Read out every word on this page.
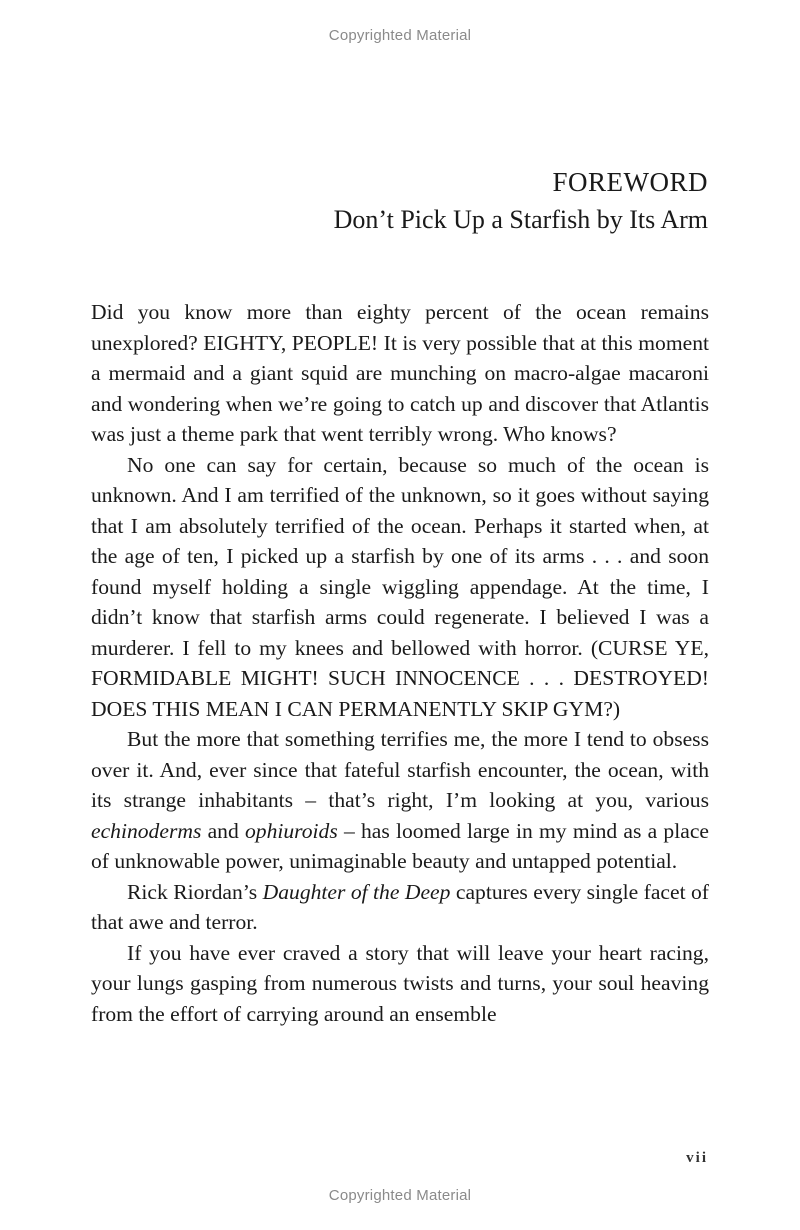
Copyrighted Material
FOREWORD
Don’t Pick Up a Starfish by Its Arm

Did you know more than eighty percent of the ocean remains unexplored? EIGHTY, PEOPLE! It is very possible that at this moment a mermaid and a giant squid are munching on macro-algae macaroni and wondering when we’re going to catch up and discover that Atlantis was just a theme park that went terribly wrong. Who knows?

No one can say for certain, because so much of the ocean is unknown. And I am terrified of the unknown, so it goes without saying that I am absolutely terrified of the ocean. Perhaps it started when, at the age of ten, I picked up a starfish by one of its arms . . . and soon found myself holding a single wiggling appendage. At the time, I didn’t know that starfish arms could regenerate. I believed I was a murderer. I fell to my knees and bellowed with horror. (CURSE YE, FORMIDABLE MIGHT! SUCH INNOCENCE . . . DESTROYED! DOES THIS MEAN I CAN PERMANENTLY SKIP GYM?)

But the more that something terrifies me, the more I tend to obsess over it. And, ever since that fateful starfish encounter, the ocean, with its strange inhabitants – that’s right, I’m looking at you, various echinoderms and ophiuroids – has loomed large in my mind as a place of unknowable power, unimaginable beauty and untapped potential.

Rick Riordan’s Daughter of the Deep captures every single facet of that awe and terror.

If you have ever craved a story that will leave your heart racing, your lungs gasping from numerous twists and turns, your soul heaving from the effort of carrying around an ensemble

vii
Copyrighted Material
